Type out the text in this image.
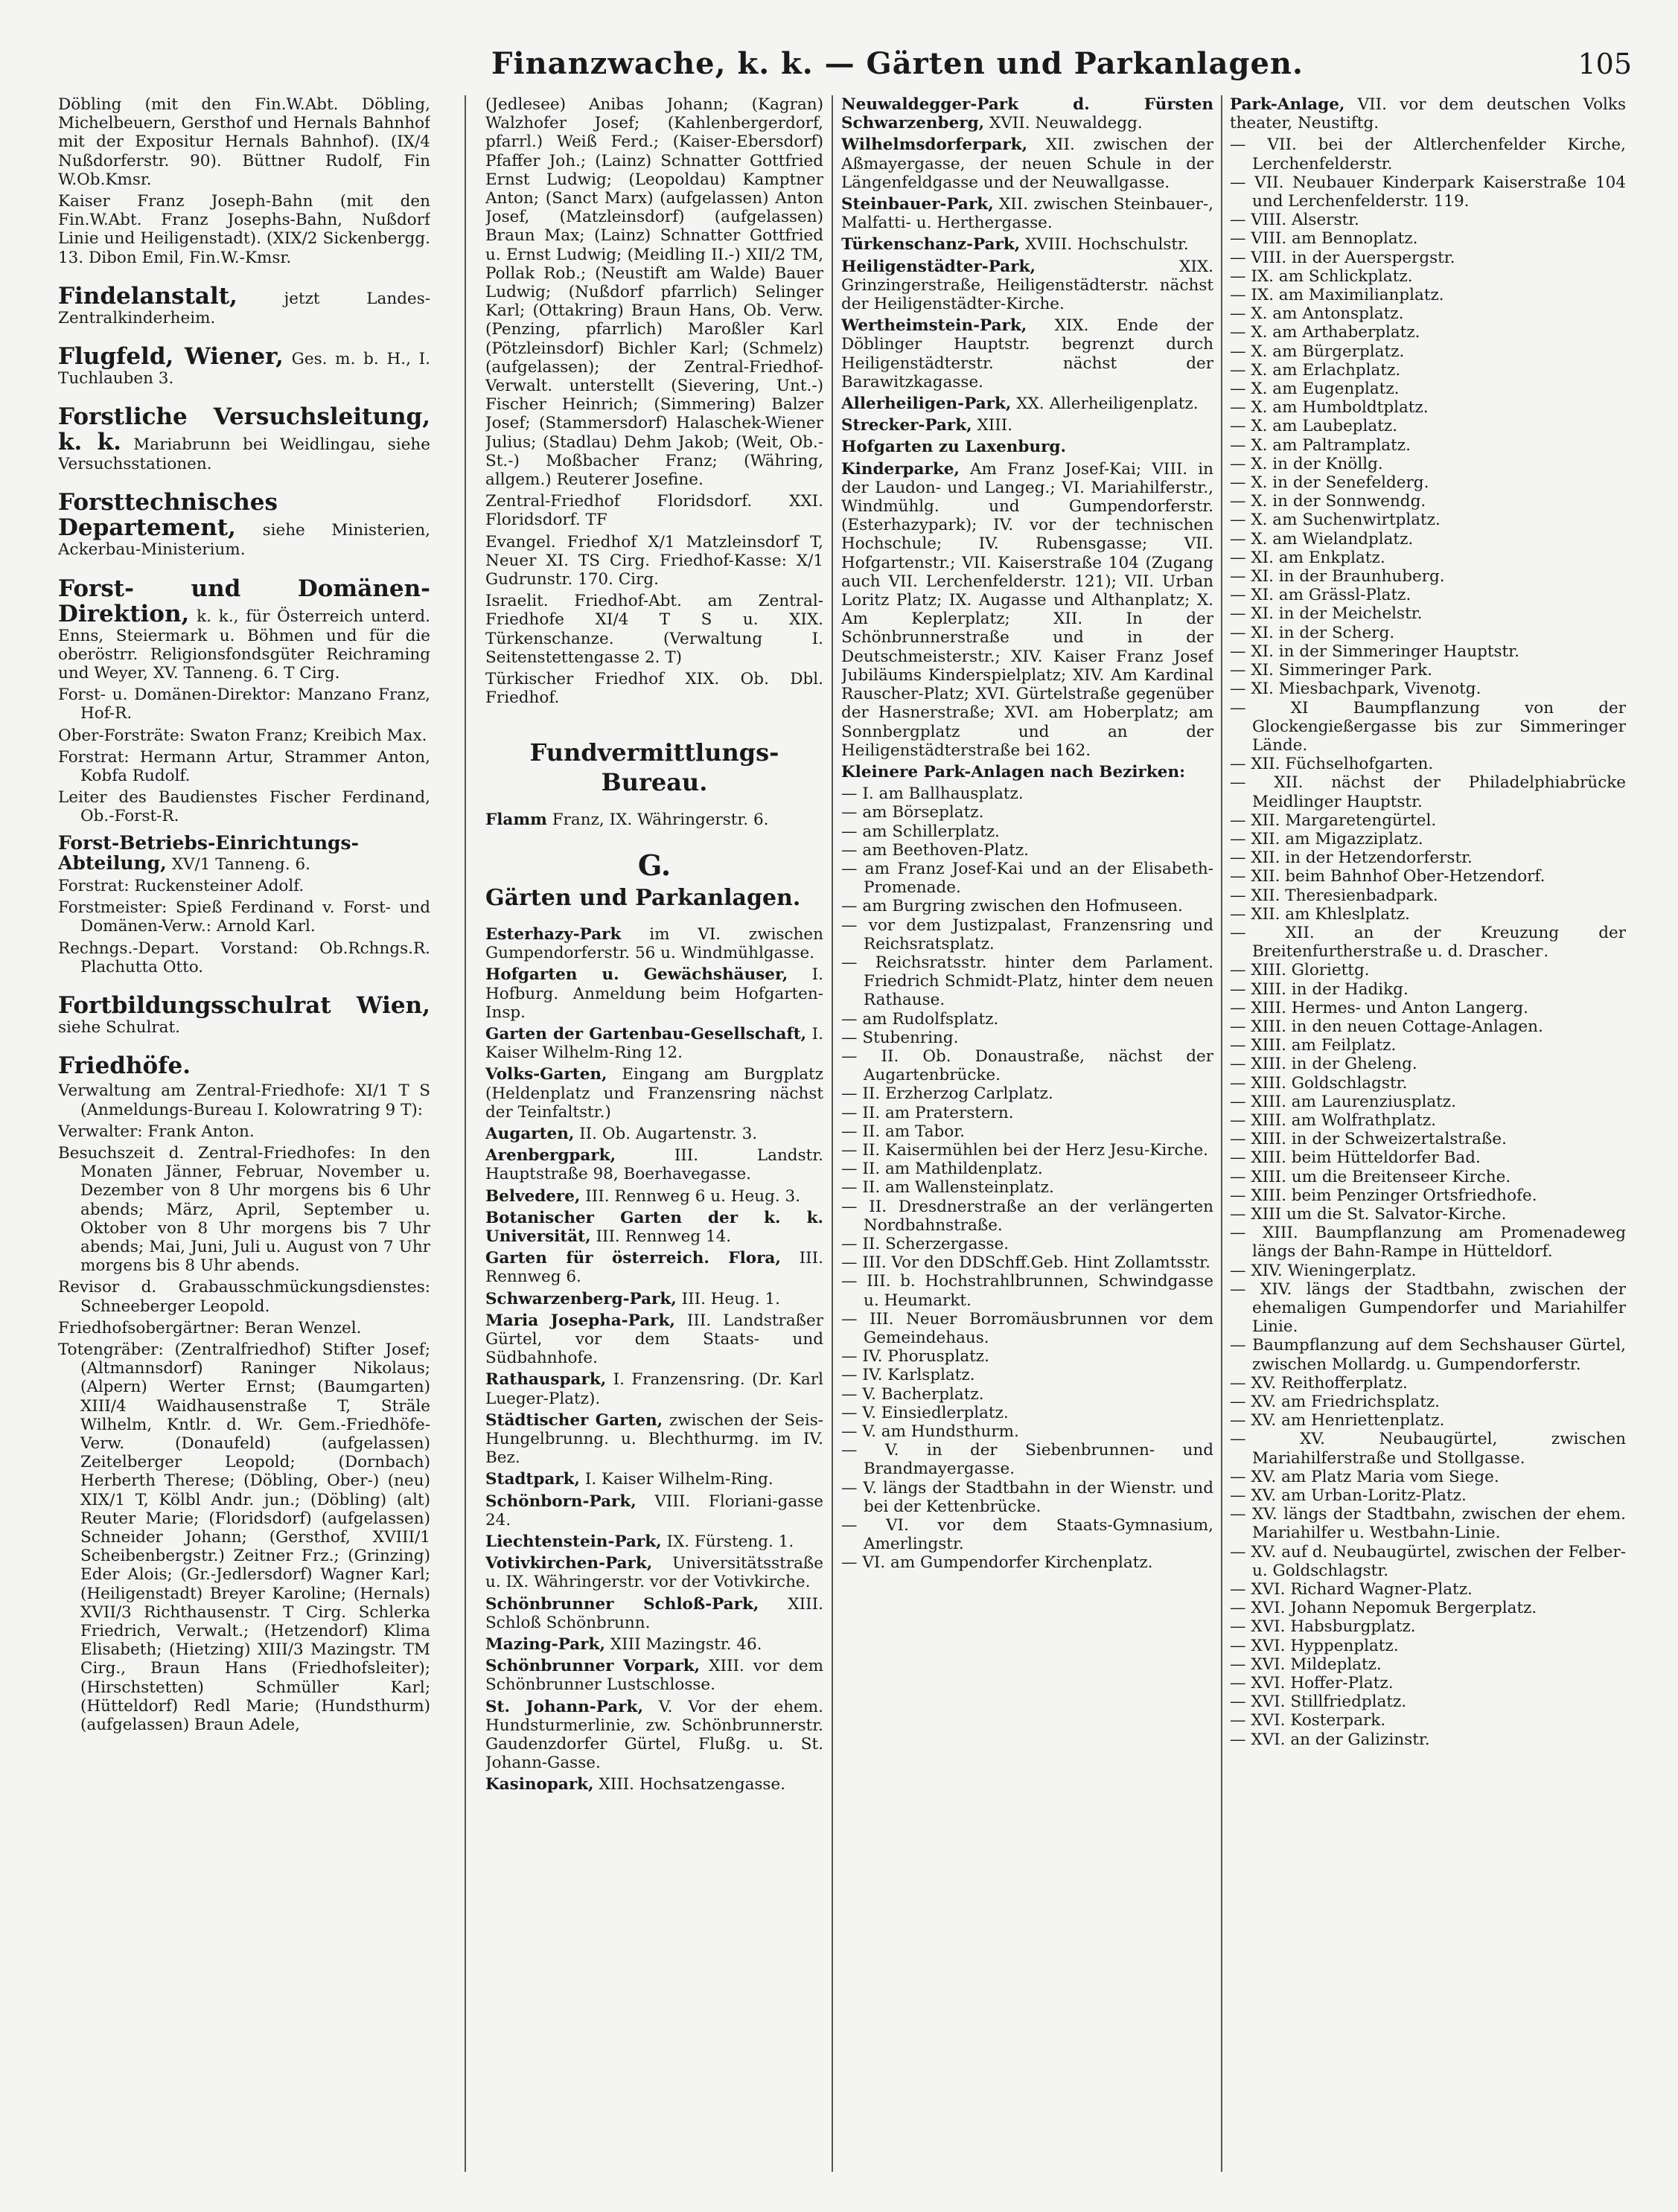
Finanzwache, k. k. — Gärten und Parkanlagen.	105
Döbling (mit den Fin.W.Abt. Döbling, Michelbeuern, Gersthof und Hernals Bahnhof mit der Expositur Hernals Bahnhof). (IX/4 Nußdorferstr. 90). Büttner Rudolf, Fin W.Ob.Kmsr.
Kaiser Franz Joseph-Bahn (mit den Fin.W.Abt. Franz Josephs-Bahn, Nußdorf Linie und Heiligenstadt). (XIX/2 Sickenbergg. 13. Dibon Emil, Fin.W.-Kmsr.
Findelanstalt,	jetzt Landes-Zentralkinderheim.
Flugfeld, Wiener, Ges. m. b. H., I. Tuchlauben 3.
Forstliche Versuchsleitung, k. k. Mariabrunn bei Weidlingau, siehe Versuchsstationen.
Forsttechnisches Departement, siehe Ministerien, Ackerbau-Ministerium.
Forst- und Domänen-Direktion, k. k., für Österreich unterd. Enns, Steiermark u. Böhmen und für die oberöstrr. Religionsfondsgüter Reichraming und Weyer, XV. Tanneng. 6. T Cirg.
Forst- u. Domänen-Direktor: Manzano Franz, Hof-R.
Ober-Forsträte: Swaton Franz; Kreibich Max.
Forstrat: Hermann Artur, Strammer Anton, Kobfa Rudolf.
Leiter des Baudienstes Fischer Ferdinand, Ob.-Forst-R.
Forst-Betriebs-Einrichtungs-Abteilung, XV/1 Tanneng. 6.
Forstrat: Ruckensteiner Adolf.
Forstmeister: Spieß Ferdinand v. Forst- und Domänen-Verw.: Arnold Karl.
Rechngs.-Depart. Vorstand: Ob.Rchngs.R. Plachutta Otto.
Fortbildungsschulrat Wien, siehe Schulrat.
Friedhöfe.
Verwaltung am Zentral-Friedhofe: XI/1 T S (Anmeldungs-Bureau I. Kolowratring 9 T):
Verwalter: Frank Anton.
Besuchszeit d. Zentral-Friedhofes: In den Monaten Jänner, Februar, November u. Dezember von 8 Uhr morgens bis 6 Uhr abends; März, April, September u. Oktober von 8 Uhr morgens bis 7 Uhr abends; Mai, Juni, Juli u. August von 7 Uhr morgens bis 8 Uhr abends.
Revisor d. Grabausschmückungsdienstes: Schneeberger Leopold.
Friedhofsobergärtner: Beran Wenzel.
Totengräber: (Zentralfriedhof) Stifter Josef; (Altmannsdorf) Raninger Nikolaus; (Alpern) Werter Ernst; (Baumgarten) XIII/4 Waidhausenstraße T, Sträle Wilhelm, Kntlr. d. Wr. Gem.-Friedhöfe-Verw. (Donaufeld) (aufgelassen) Zeitelberger Leopold; (Dornbach) Herberth Therese; (Döbling, Ober-) (neu) XIX/1 T, Kölbl Andr. jun.; (Döbling) (alt) Reuter Marie; (Floridsdorf) (aufgelassen) Schneider Johann; (Gersthof, XVIII/1 Scheibenbergstr.) Zeitner Frz.; (Grinzing) Eder Alois; (Gr.-Jedlersdorf) Wagner Karl; (Heiligenstadt) Breyer Karoline; (Hernals) XVII/3 Richthausenstr. T Cirg. Schlerka Friedrich, Verwalt.; (Hetzendorf) Klima Elisabeth; (Hietzing) XIII/3 Mazingstr. TM Cirg., Braun Hans (Friedhofsleiter); (Hirschstetten) Schmüller Karl; (Hütteldorf) Redl Marie; (Hundsthurm) (aufgelassen) Braun Adele,
(Jedlesee) Anibas Johann; (Kagran) Walzhofer Josef; (Kahlenbergerdorf, pfarrl.) Weiß Ferd.; (Kaiser-Ebersdorf) Pfaffer Joh.; (Lainz) Schnatter Gottfried Ernst Ludwig; (Leopoldau) Kamptner Anton; (Sanct Marx) (aufgelassen) Anton Josef, (Matzleinsdorf) (aufgelassen) Braun Max; (Lainz) Schnatter Gottfried u. Ernst Ludwig; (Meidling II.-) XII/2 TM, Pollak Rob.; (Neustift am Walde) Bauer Ludwig; (Nußdorf pfarrlich) Selinger Karl; (Ottakring) Braun Hans, Ob. Verw. (Penzing, pfarrlich) Maroßler Karl (Pötzleinsdorf) Bichler Karl; (Schmelz) (aufgelassen); der Zentral-Friedhof-Verwalt. unterstellt (Sievering, Unt.-) Fischer Heinrich; (Simmering) Balzer Josef; (Stammersdorf) Halaschek-Wiener Julius; (Stadlau) Dehm Jakob; (Weit, Ob.-St.-) Moßbacher Franz; (Währing, allgem.) Reuterer Josefine.
Zentral-Friedhof Floridsdorf. XXI. Floridsdorf. TF
Evangel. Friedhof X/1 Matzleinsdorf T, Neuer XI. TS Cirg. Friedhof-Kasse: X/1 Gudrunstr. 170. Cirg.
Israelit. Friedhof-Abt. am Zentral-Friedhofe XI/4 T S u. XIX. Türkenschanze. (Verwaltung I. Seitenstettengasse 2. T)
Türkischer Friedhof XIX. Ob. Dbl. Friedhof.
Fundvermittlungs-Bureau.
Flamm Franz, IX. Währingerstr. 6.
G.
Gärten und Parkanlagen.
Esterhazy-Park im VI. zwischen Gumpendorferstr. 56 u. Windmühlgasse.
Hofgarten u. Gewächshäuser, I. Hofburg. Anmeldung beim Hofgarten-Insp.
Garten der Gartenbau-Gesellschaft, I. Kaiser Wilhelm-Ring 12.
Volks-Garten, Eingang am Burgplatz (Heldenplatz und Franzensring nächst der Teinfaltstr.)
Augarten, II. Ob. Augartenstr. 3.
Arenbergpark,	III. Landstr. Hauptstraße 98, Boerhavegasse.
Belvedere, III. Rennweg 6 u. Heug. 3.
Botanischer Garten der k. k. Universität, III. Rennweg 14.
Garten für österreich. Flora, III. Rennweg 6.
Schwarzenberg-Park, III. Heug. 1.
Maria Josepha-Park, III. Landstraßer Gürtel, vor dem Staats- und Südbahnhofe.
Rathauspark, I. Franzensring. (Dr. Karl Lueger-Platz).
Städtischer Garten, zwischen der Seis-Hungelbrunng. u. Blechthurmg. im IV. Bez.
Stadtpark, I. Kaiser Wilhelm-Ring.
Schönborn-Park, VIII. Floriani-gasse 24.
Liechtenstein-Park, IX. Fürsteng. 1.
Votivkirchen-Park, Universitätsstraße u. IX. Währingerstr. vor der Votivkirche.
Schönbrunner Schloß-Park, XIII. Schloß Schönbrunn.
Mazing-Park, XIII Mazingstr. 46.
Schönbrunner Vorpark, XIII. vor dem Schönbrunner Lustschlosse.
St. Johann-Park, V. Vor der ehem. Hundsturmerlinie, zw. Schönbrunnerstr. Gaudenzdorfer Gürtel, Flußg. u. St. Johann-Gasse.
Kasinopark, XIII. Hochsatzengasse.
Neuwaldegger-Park d. Fürsten Schwarzenberg, XVII. Neuwaldegg.
Wilhelmsdorferpark, XII. zwischen der Aßmayergasse, der neuen Schule in der Längenfeldgasse und der Neuwallgasse.
Steinbauer-Park, XII. zwischen Steinbauer-, Malfatti- u. Herthergasse.
Türkenschanz-Park, XVIII. Hochschulstr.
Heiligenstädter-Park,	XIX. Grinzingerstraße, Heiligenstädterstr. nächst der Heiligenstädter-Kirche.
Wertheimstein-Park, XIX. Ende der Döblinger Hauptstr. begrenzt durch Heiligenstädterstr. nächst der Barawitzkagasse.
Allerheiligen-Park, XX. Allerheiligenplatz.
Strecker-Park, XIII.
Hofgarten zu Laxenburg.
Kinderparke, Am Franz Josef-Kai; VIII. in der Laudon- und Langeg.; VI. Mariahilferstr., Windmühlg. und Gumpendorferstr. (Esterhazypark); IV. vor der technischen Hochschule; IV. Rubensgasse; VII. Hofgartenstr.; VII. Kaiserstraße 104 (Zugang auch VII. Lerchenfelderstr. 121); VII. Urban Loritz Platz; IX. Augasse und Althanplatz; X. Am Keplerplatz; XII. In der Schönbrunnerstraße und in der Deutschmeisterstr.; XIV. Kaiser Franz Josef Jubiläums Kinderspielplatz; XIV. Am Kardinal Rauscher-Platz; XVI. Gürtelstraße gegenüber der Hasnerstraße; XVI. am Hoberplatz; am Sonnbergplatz und an der Heiligenstädterstraße bei 162.
Kleinere Park-Anlagen nach Bezirken:
— I. am Ballhausplatz.
— am Börseplatz.
— am Schillerplatz.
— am Beethoven-Platz.
— am Franz Josef-Kai und an der Elisabeth-Promenade.
— am Burgring zwischen den Hofmuseen.
— vor dem Justizpalast, Franzensring und Reichsratsplatz.
— Reichsratsstr. hinter dem Parlament. Friedrich Schmidt-Platz, hinter dem neuen Rathause.
— am Rudolfsplatz.
— Stubenring.
— II. Ob. Donaustraße, nächst der Augartenbrücke.
— II. Erzherzog Carlplatz.
— II. am Praterstern.
— II. am Tabor.
— II. Kaisermühlen bei der Herz Jesu-Kirche.
— II. am Mathildenplatz.
— II. am Wallensteinplatz.
— II. Dresdnerstraße an der verlängerten Nordbahnstraße.
— II. Scherzergasse.
— III. Vor den DDSchff.Geb. Hint Zollamtsstr.
— III. b. Hochstrahlbrunnen, Schwindgasse u. Heumarkt.
— III. Neuer Borromäusbrunnen vor dem Gemeindehaus.
— IV. Phorusplatz.
— IV. Karlsplatz.
— V. Bacherplatz.
— V. Einsiedlerplatz.
— V. am Hundsthurm.
— V. in der Siebenbrunnen- und Brandmayergasse.
— V. längs der Stadtbahn in der Wienstr. und bei der Kettenbrücke.
— VI. vor dem Staats-Gymnasium, Amerlingstr.
— VI. am Gumpendorfer Kirchenplatz.
Park-Anlage, VII. vor dem deutschen Volks theater, Neustiftg.
— VII. bei der Altlerchenfelder Kirche, Lerchenfelderstr.
— VII. Neubauer Kinderpark Kaiserstraße 104 und Lerchenfelderstr. 119.
— VIII. Alserstr.
— VIII. am Bennoplatz.
— VIII. in der Auerspergstr.
— IX. am Schlickplatz.
— IX. am Maximilianplatz.
— X. am Antonsplatz.
— X. am Arthaberplatz.
— X. am Bürgerplatz.
— X. am Erlachplatz.
— X. am Eugenplatz.
— X. am Humboldtplatz.
— X. am Laubeplatz.
— X. am Paltramplatz.
— X. in der Knöllg.
— X. in der Senefelderg.
— X. in der Sonnwendg.
— X. am Suchenwirtplatz.
— X. am Wielandplatz.
— XI. am Enkplatz.
— XI. in der Braunhuberg.
— XI. am Grässl-Platz.
— XI. in der Meichelstr.
— XI. in der Scherg.
— XI. in der Simmeringer Hauptstr.
— XI. Simmeringer Park.
— XI. Miesbachpark, Vivenotg.
— XI Baumpflanzung von der Glockengießergasse bis zur Simmeringer Lände.
— XII. Füchselhofgarten.
— XII. nächst der Philadelphiabrücke Meidlinger Hauptstr.
— XII. Margaretengürtel.
— XII. am Migazziplatz.
— XII. in der Hetzendorferstr.
— XII. beim Bahnhof Ober-Hetzendorf.
— XII. Theresienbadpark.
— XII. am Khleslplatz.
— XII. an der Kreuzung der Breitenfurtherstraße u. d. Draschег.
— XIII. Gloriettg.
— XIII. in der Hadikg.
— XIII. Hermes- und Anton Langerg.
— XIII. in den neuen Cottage-Anlagen.
— XIII. am Feilplatz.
— XIII. in der Gheleng.
— XIII. Goldschlagstr.
— XIII. am Laurenziusplatz.
— XIII. am Wolfrathplatz.
— XIII. in der Schweizertalstraße.
— XIII. beim Hütteldorfer Bad.
— XIII. um die Breitenseer Kirche.
— XIII. beim Penzinger Ortsfriedhofe.
— XIII um die St. Salvator-Kirche.
— XIII. Baumpflanzung am Promenadeweg längs der Bahn-Rampe in Hütteldorf.
— XIV. Wieningerplatz.
— XIV. längs der Stadtbahn, zwischen der ehemaligen Gumpendorfer und Mariahilfer Linie.
— Baumpflanzung auf dem Sechshauser Gürtel, zwischen Mollardg. u. Gumpendorferstr.
— XV. Reithofferplatz.
— XV. am Friedrichsplatz.
— XV. am Henriettenplatz.
— XV. Neubaugürtel, zwischen Mariahilferstraße und Stollgasse.
— XV. am Platz Maria vom Siege.
— XV. am Urban-Loritz-Platz.
— XV. längs der Stadtbahn, zwischen der ehem. Mariahilfer u. Westbahn-Linie.
— XV. auf d. Neubaugürtel, zwischen der Felber- u. Goldschlagstr.
— XVI. Richard Wagner-Platz.
— XVI. Johann Nepomuk Bergerplatz.
— XVI. Habsburgplatz.
— XVI. Hyppenplatz.
— XVI. Mildeplatz.
— XVI. Hoffer-Platz.
— XVI. Stillfriedplatz.
— XVI. Kosterpark.
— XVI. an der Galizinstr.
